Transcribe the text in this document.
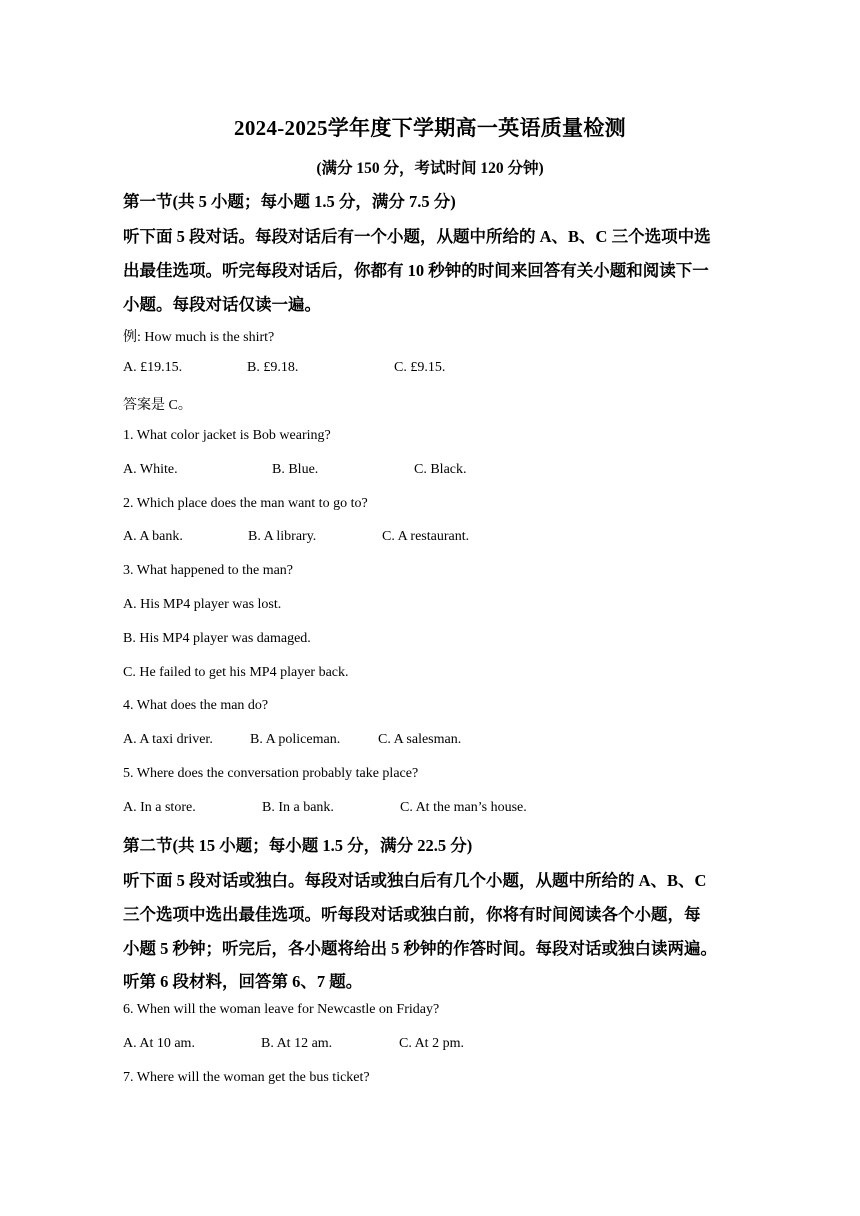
2024-2025学年度下学期高一英语质量检测
(满分 150 分，考试时间 120 分钟)
第一节(共 5 小题；每小题 1.5 分，满分 7.5 分)
听下面 5 段对话。每段对话后有一个小题，从题中所给的 A、B、C 三个选项中选
出最佳选项。听完每段对话后，你都有 10 秒钟的时间来回答有关小题和阅读下一
小题。每段对话仅读一遍。
例: How much is the shirt?
A. £19.15.	B. £9.18.	C. £9.15.
答案是 C。
1. What color jacket is Bob wearing?
A. White.	B. Blue.	C. Black.
2. Which place does the man want to go to?
A. A bank.	B. A library.	C. A restaurant.
3. What happened to the man?
A. His MP4 player was lost.
B. His MP4 player was damaged.
C. He failed to get his MP4 player back.
4. What does the man do?
A. A taxi driver.	B. A policeman.	C. A salesman.
5. Where does the conversation probably take place?
A. In a store.	B. In a bank.	C. At the man’s house.
第二节(共 15 小题；每小题 1.5 分，满分 22.5 分)
听下面 5 段对话或独白。每段对话或独白后有几个小题，从题中所给的 A、B、C
三个选项中选出最佳选项。听每段对话或独白前，你将有时间阅读各个小题，每
小题 5 秒钟；听完后，各小题将给出 5 秒钟的作答时间。每段对话或独白读两遍。
听第 6 段材料，回答第 6、7 题。
6. When will the woman leave for Newcastle on Friday?
A. At 10 am.	B. At 12 am.	C. At 2 pm.
7. Where will the woman get the bus ticket?
